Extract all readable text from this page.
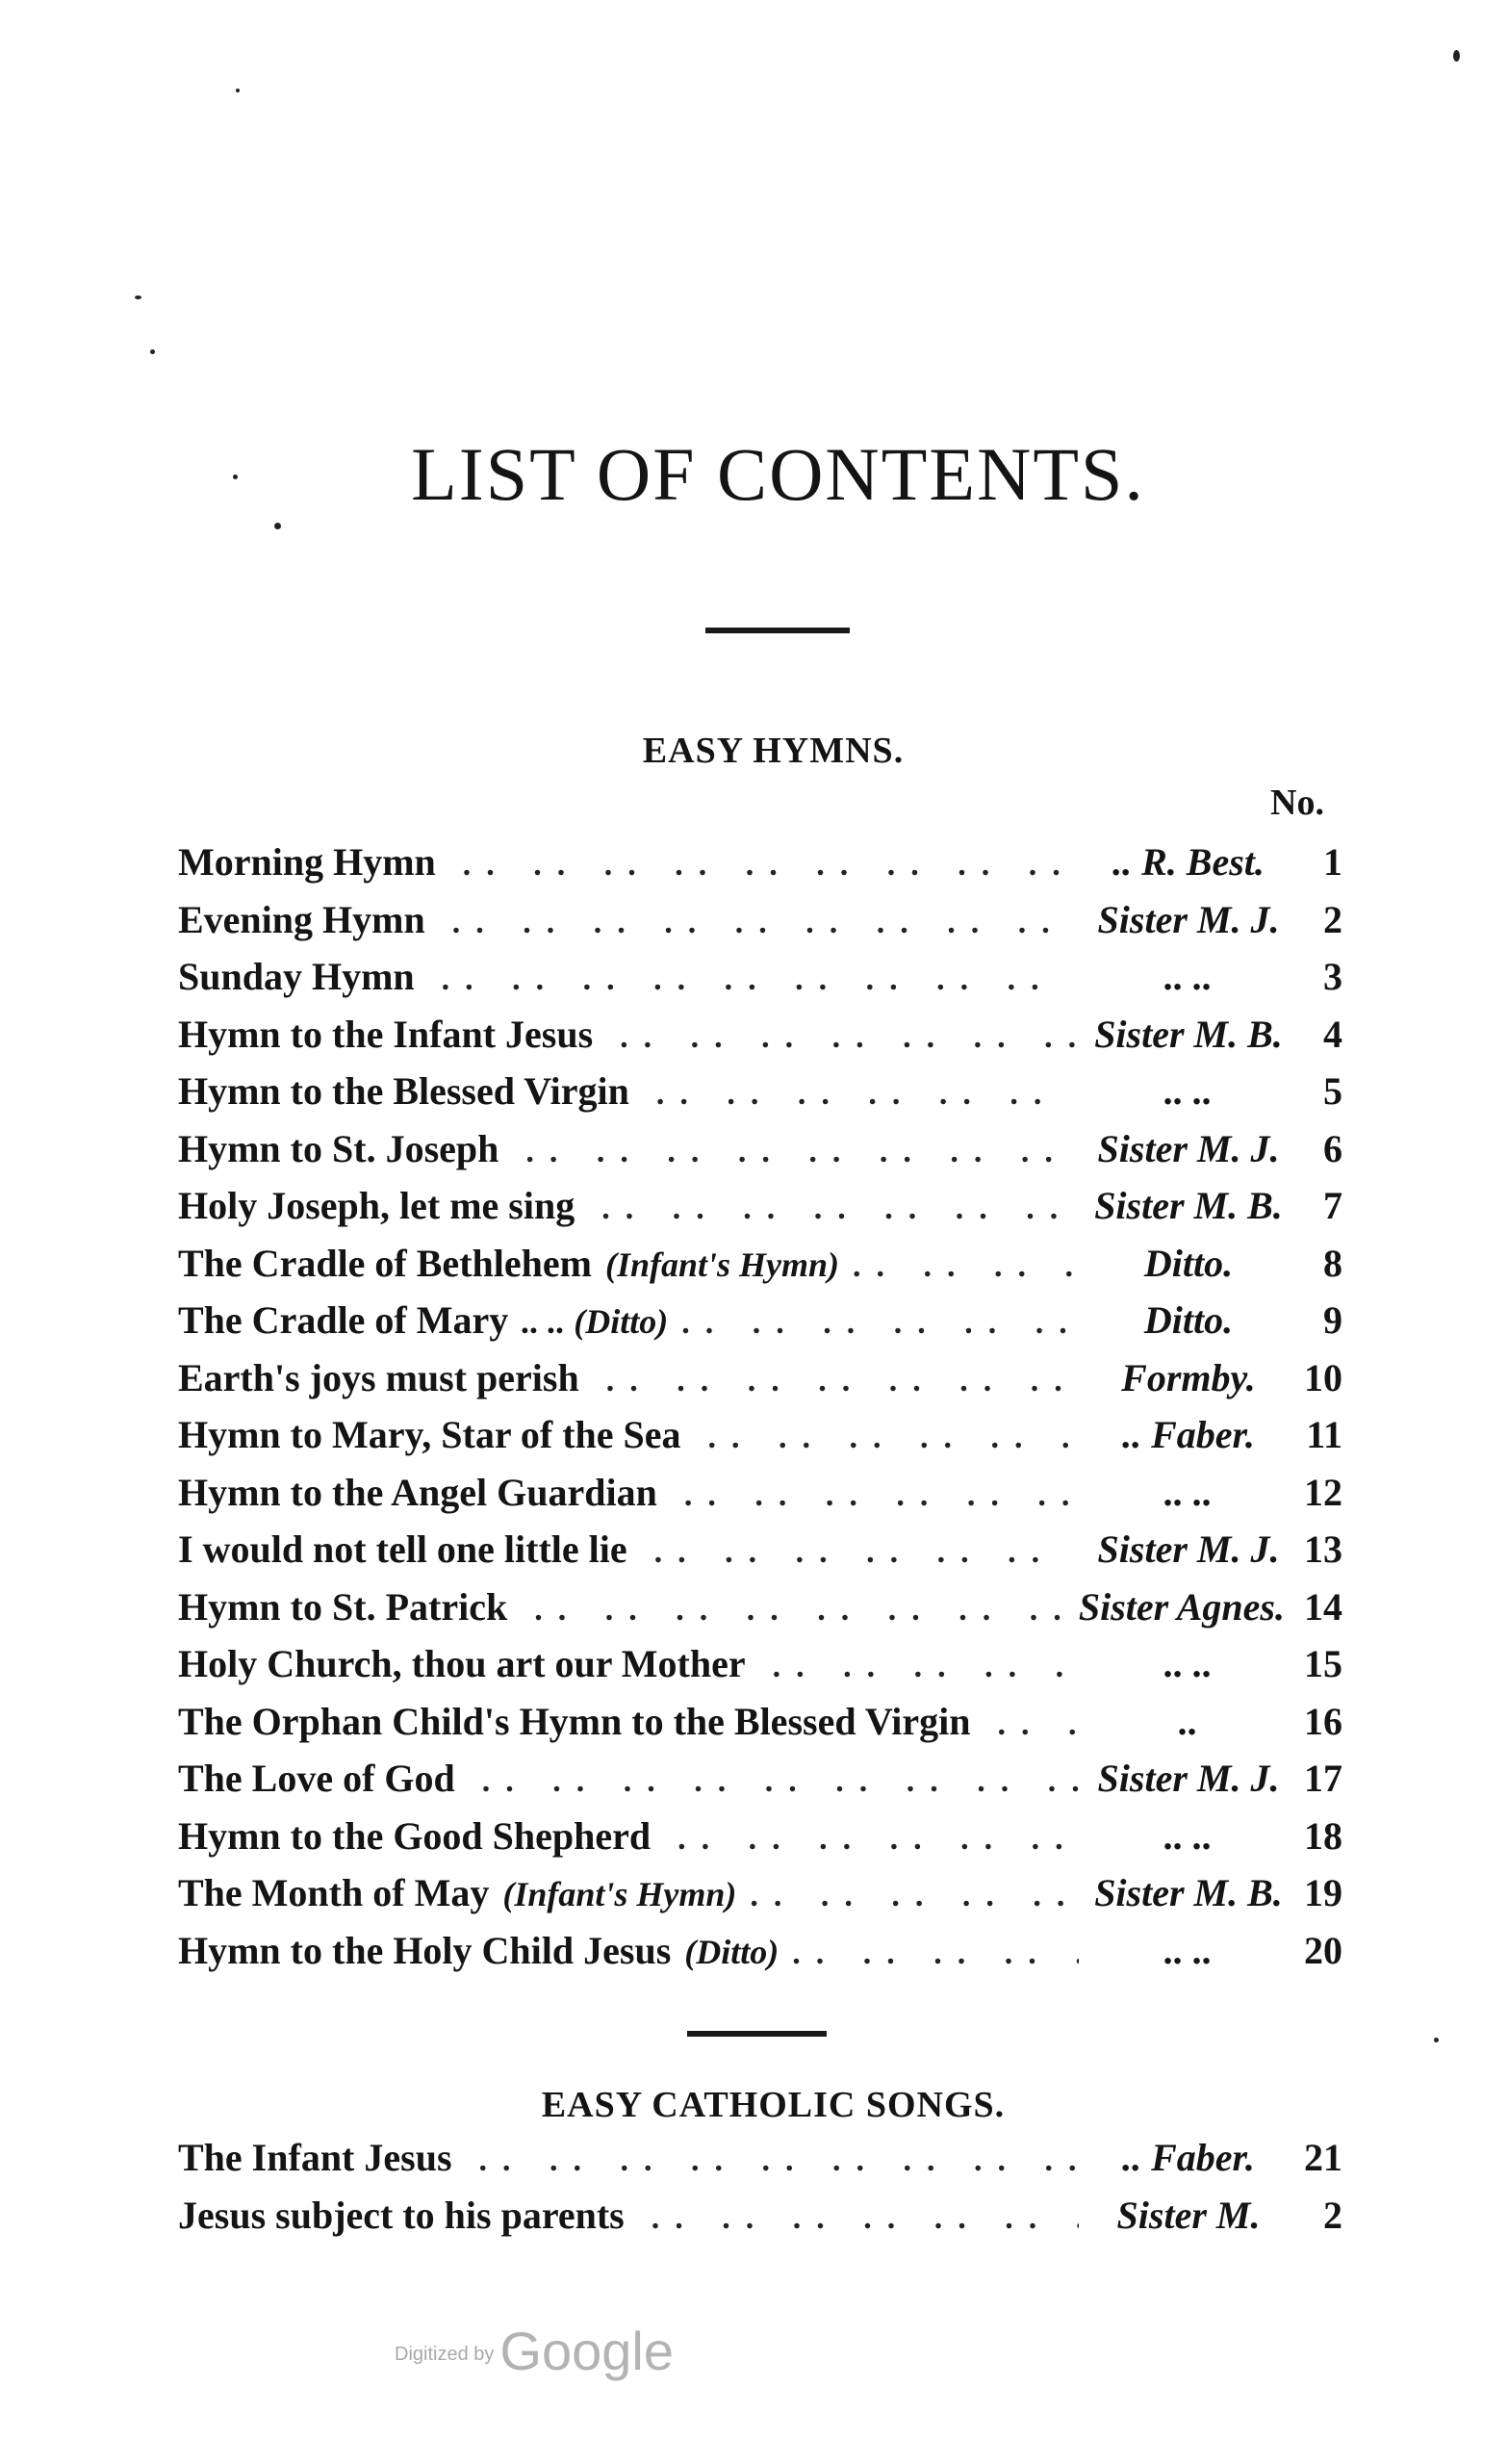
LIST OF CONTENTS.
EASY HYMNS.
No.
Morning Hymn .. ..	.. R. Best.	1
Evening Hymn .. ..	Sister M. J.	2
Sunday Hymn .. ..	.. ..	3
Hymn to the Infant Jesus .. ..	Sister M. B.	4
Hymn to the Blessed Virgin .. ..	.. ..	5
Hymn to St. Joseph .. ..	Sister M. J.	6
Holy Joseph, let me sing .. ..	Sister M. B.	7
The Cradle of Bethlehem (Infant's Hymn) .. ..	Ditto.	8
The Cradle of Mary .. .. (Ditto) .. ..	Ditto.	9
Earth's joys must perish .. ..	Formby.	10
Hymn to Mary, Star of the Sea .. ..	.. Faber.	11
Hymn to the Angel Guardian .. ..	.. ..	12
I would not tell one little lie .. ..	Sister M. J. 13
Hymn to St. Patrick .. ..	Sister Agnes. 14
Holy Church, thou art our Mother .. ..	.. ..	15
The Orphan Child's Hymn to the Blessed Virgin .. ..	..	16
The Love of God .. ..	Sister M. J. 17
Hymn to the Good Shepherd .. ..	.. ..	18
The Month of May (Infant's Hymn) .. ..	Sister M. B. 19
Hymn to the Holy Child Jesus (Ditto) .. ..	.. ..	20
EASY CATHOLIC SONGS.
The Infant Jesus .. ..	.. Faber.	21
Jesus subject to his parents .. ..	Sister M.	2
Digitized by Google
